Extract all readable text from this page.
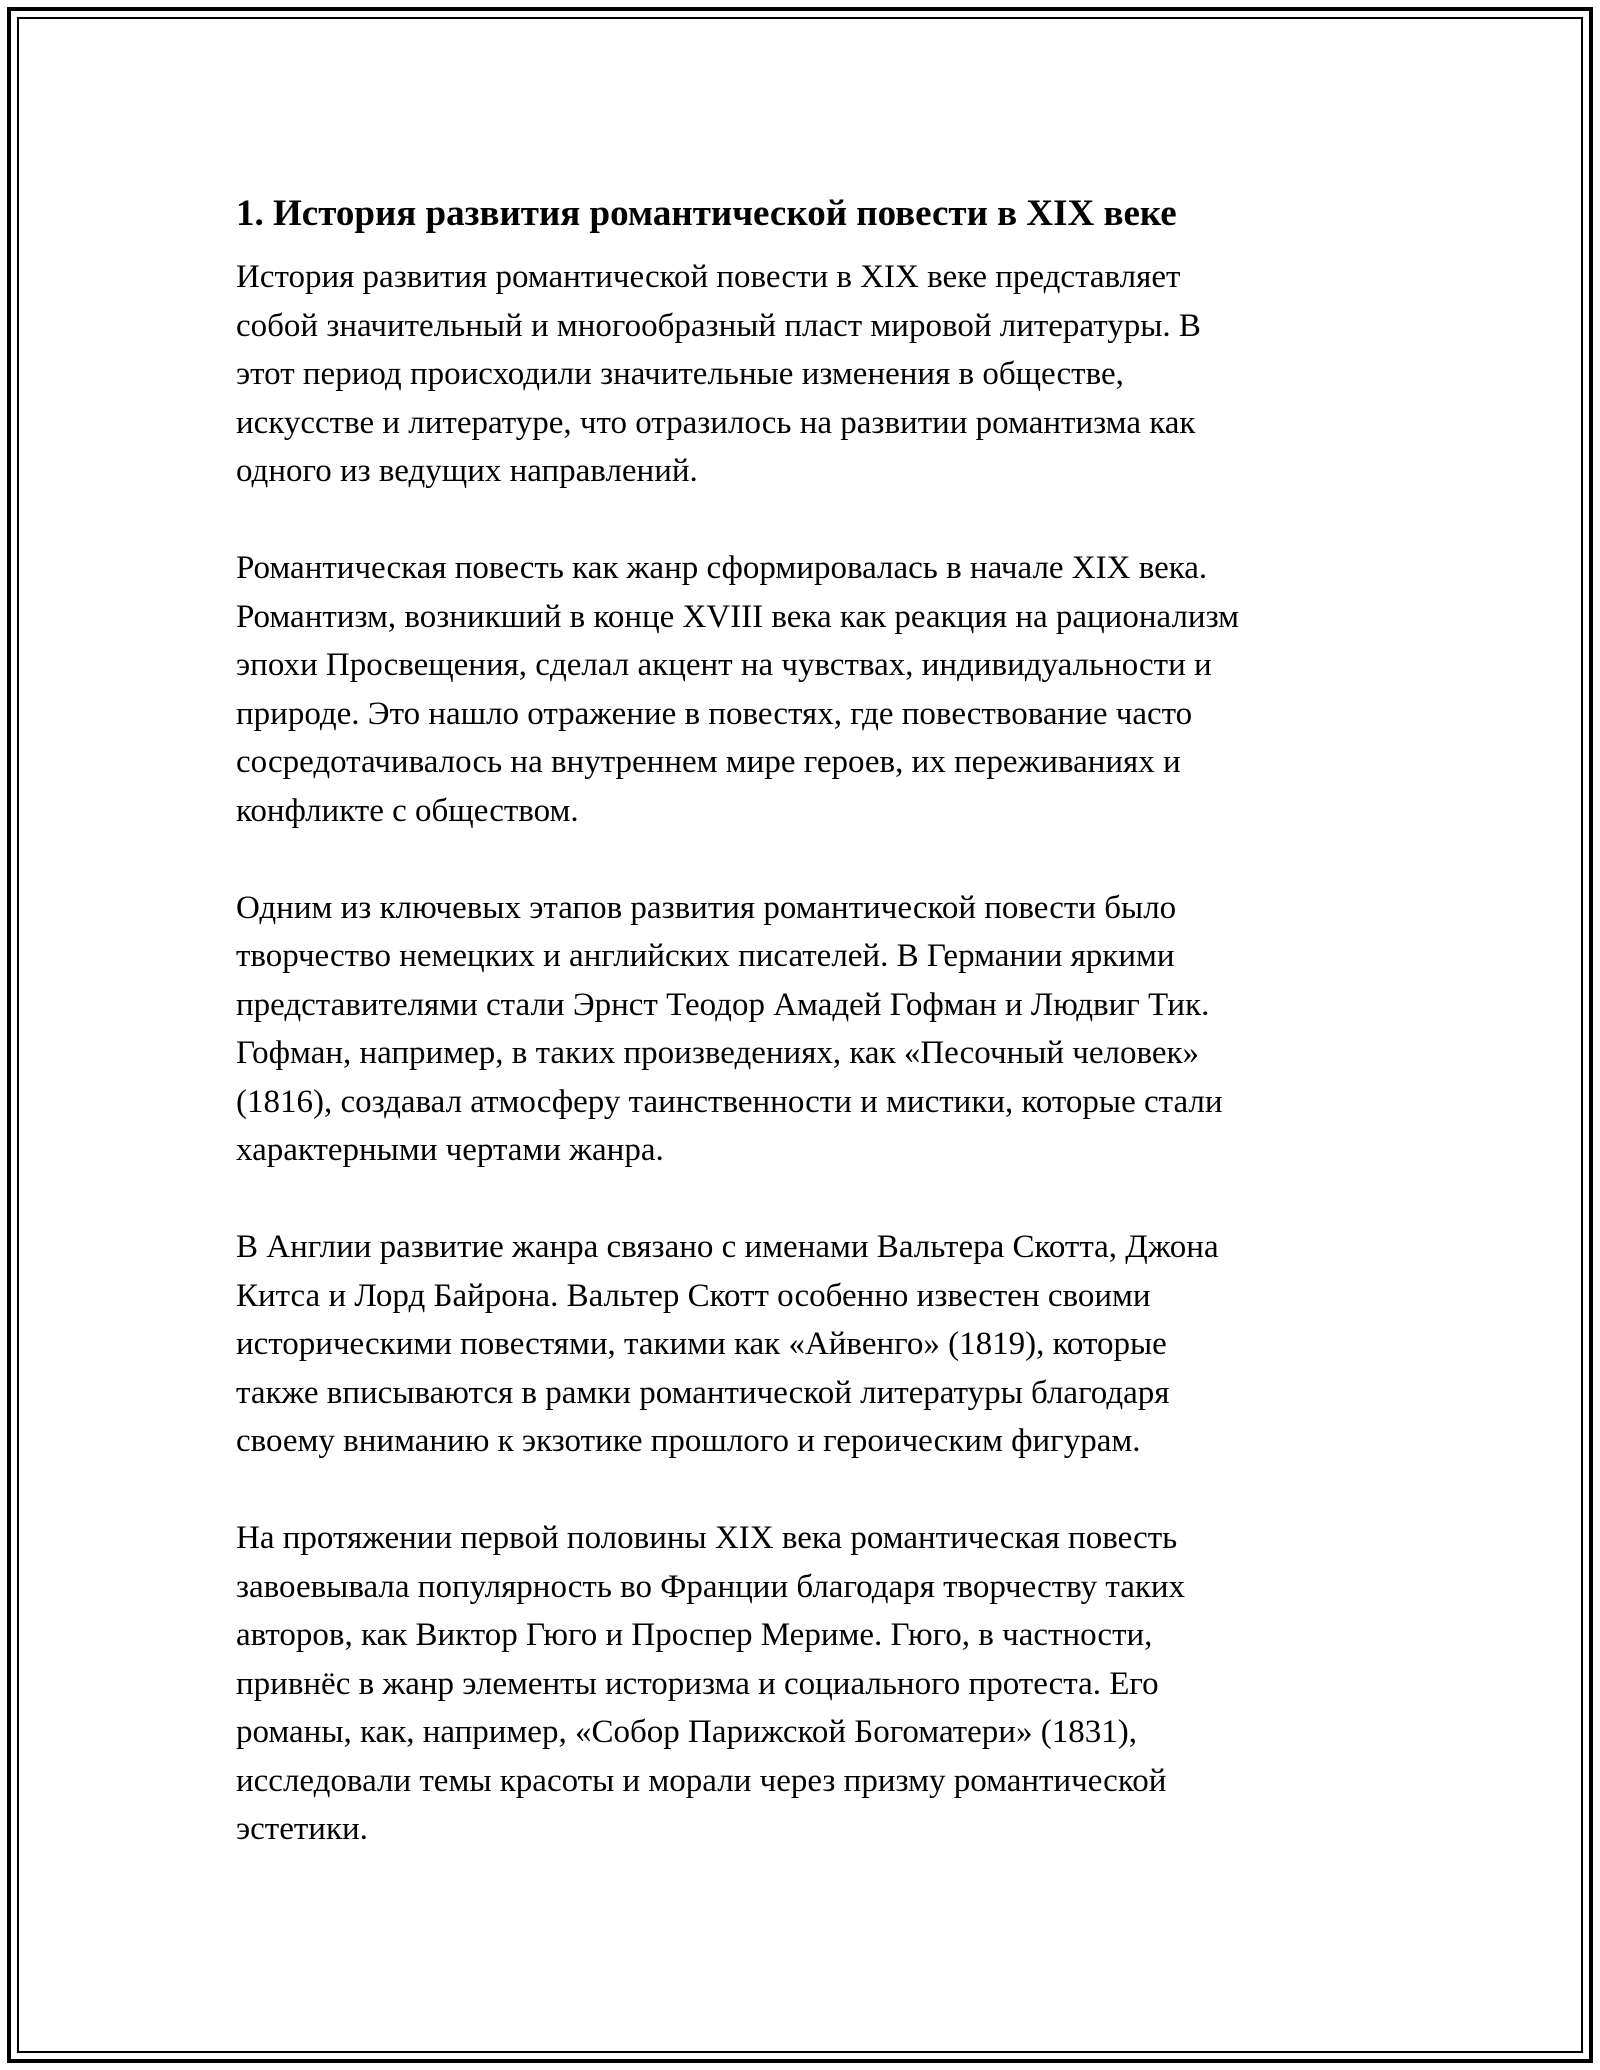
1. История развития романтической повести в XIX веке

История развития романтической повести в XIX веке представляет
собой значительный и многообразный пласт мировой литературы. В
этот период происходили значительные изменения в обществе,
искусстве и литературе, что отразилось на развитии романтизма как
одного из ведущих направлений.

Романтическая повесть как жанр сформировалась в начале XIX века.
Романтизм, возникший в конце XVIII века как реакция на рационализм
эпохи Просвещения, сделал акцент на чувствах, индивидуальности и
природе. Это нашло отражение в повестях, где повествование часто
сосредотачивалось на внутреннем мире героев, их переживаниях и
конфликте с обществом.

Одним из ключевых этапов развития романтической повести было
творчество немецких и английских писателей. В Германии яркими
представителями стали Эрнст Теодор Амадей Гофман и Людвиг Тик.
Гофман, например, в таких произведениях, как «Песочный человек»
(1816), создавал атмосферу таинственности и мистики, которые стали
характерными чертами жанра.

В Англии развитие жанра связано с именами Вальтера Скотта, Джона
Китса и Лорд Байрона. Вальтер Скотт особенно известен своими
историческими повестями, такими как «Айвенго» (1819), которые
также вписываются в рамки романтической литературы благодаря
своему вниманию к экзотике прошлого и героическим фигурам.

На протяжении первой половины XIX века романтическая повесть
завоевывала популярность во Франции благодаря творчеству таких
авторов, как Виктор Гюго и Проспер Мериме. Гюго, в частности,
привнёс в жанр элементы историзма и социального протеста. Его
романы, как, например, «Собор Парижской Богоматери» (1831),
исследовали темы красоты и морали через призму романтической
эстетики.
